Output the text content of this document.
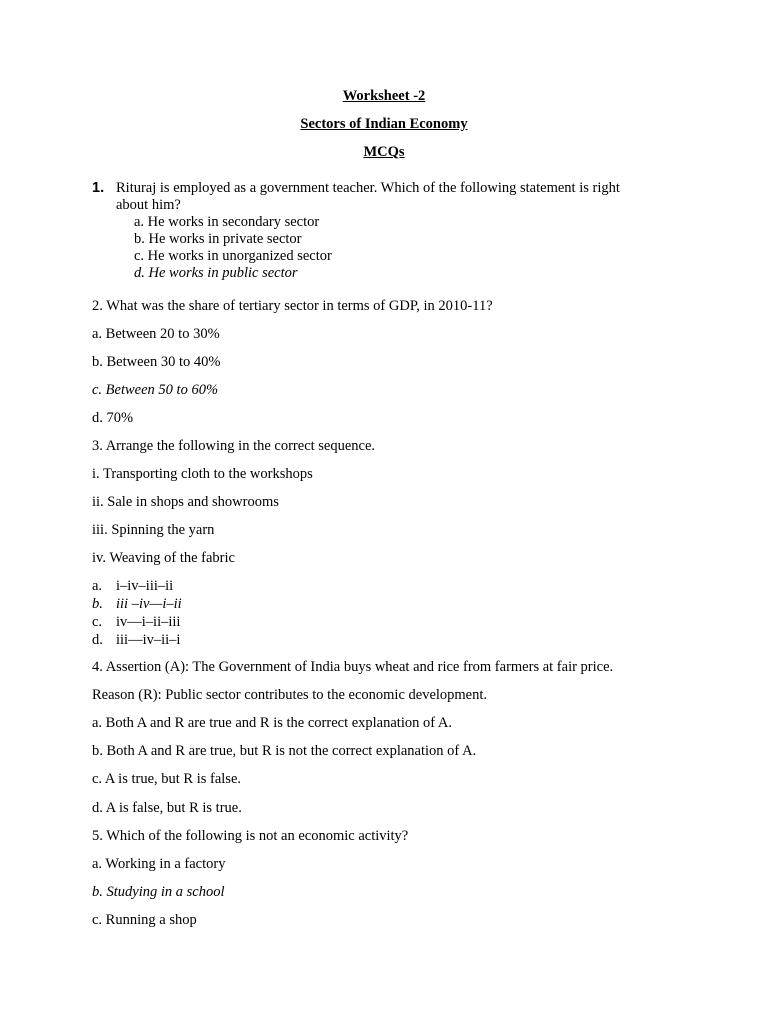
Worksheet -2
Sectors of Indian Economy
MCQs
1. Rituraj is employed as a government teacher. Which of the following statement is right
about him?
a. He works in secondary sector
b. He works in private sector
c. He works in unorganized sector
d. He works in public sector
2. What was the share of tertiary sector in terms of GDP, in 2010-11?
a. Between 20 to 30%
b. Between 30 to 40%
c. Between 50 to 60%
d. 70%
3. Arrange the following in the correct sequence.
i. Transporting cloth to the workshops
ii. Sale in shops and showrooms
iii. Spinning the yarn
iv. Weaving of the fabric
a. i–iv–iii–ii
b. iii –iv—i–ii
c. iv—i–ii–iii
d. iii—iv–ii–i
4. Assertion (A): The Government of India buys wheat and rice from farmers at fair price.
Reason (R): Public sector contributes to the economic development.
a. Both A and R are true and R is the correct explanation of A.
b. Both A and R are true, but R is not the correct explanation of A.
c. A is true, but R is false.
d. A is false, but R is true.
5. Which of the following is not an economic activity?
a. Working in a factory
b. Studying in a school
c. Running a shop
